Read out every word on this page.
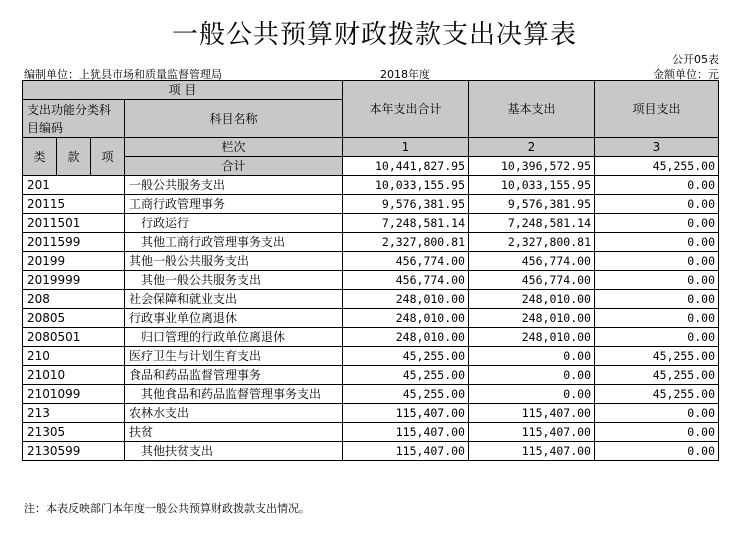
一般公共预算财政拨款支出决算表
公开05表
编制单位：上犹县市场和质量监督管理局	2018年度	金额单位：元
项 目				本年支出合计	基本支出	项目支出
支出功能分类科目编码			科目名称			

类	款	项	栏次	1	2	3
			合计	10,441,827.95	10,396,572.95	45,255.00
201			一般公共服务支出	10,033,155.95	10,033,155.95	0.00
20115			工商行政管理事务	9,576,381.95	9,576,381.95	0.00
2011501			行政运行	7,248,581.14	7,248,581.14	0.00
2011599			其他工商行政管理事务支出	2,327,800.81	2,327,800.81	0.00
20199			其他一般公共服务支出	456,774.00	456,774.00	0.00
2019999			其他一般公共服务支出	456,774.00	456,774.00	0.00
208			社会保障和就业支出	248,010.00	248,010.00	0.00
20805			行政事业单位离退休	248,010.00	248,010.00	0.00
2080501			归口管理的行政单位离退休	248,010.00	248,010.00	0.00
210			医疗卫生与计划生育支出	45,255.00	0.00	45,255.00
21010			食品和药品监督管理事务	45,255.00	0.00	45,255.00
2101099			其他食品和药品监督管理事务支出	45,255.00	0.00	45,255.00
213			农林水支出	115,407.00	115,407.00	0.00
21305			扶贫	115,407.00	115,407.00	0.00
2130599			其他扶贫支出	115,407.00	115,407.00	0.00
注：本表反映部门本年度一般公共预算财政拨款支出情况。
